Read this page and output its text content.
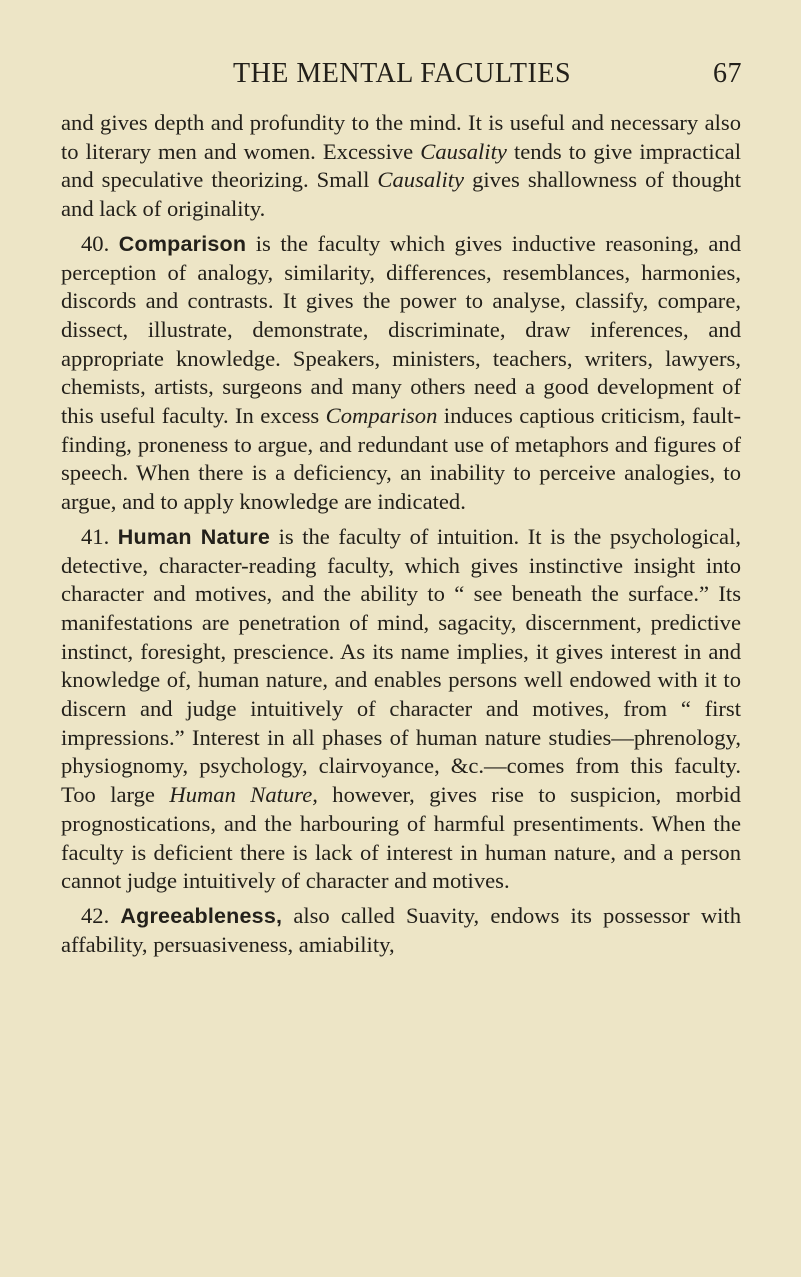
THE MENTAL FACULTIES	67

and gives depth and profundity to the mind. It is useful and necessary also to literary men and women. Excessive Causality tends to give impractical and speculative theorizing. Small Causality gives shallowness of thought and lack of originality.

40. Comparison is the faculty which gives inductive reasoning, and perception of analogy, similarity, differences, resemblances, harmonies, discords and contrasts. It gives the power to analyse, classify, compare, dissect, illustrate, demonstrate, discriminate, draw inferences, and appropriate knowledge. Speakers, ministers, teachers, writers, lawyers, chemists, artists, surgeons and many others need a good development of this useful faculty. In excess Comparison induces captious criticism, fault-finding, proneness to argue, and redundant use of metaphors and figures of speech. When there is a deficiency, an inability to perceive analogies, to argue, and to apply knowledge are indicated.

41. Human Nature is the faculty of intuition. It is the psychological, detective, character-reading faculty, which gives instinctive insight into character and motives, and the ability to “ see beneath the surface.” Its manifestations are penetration of mind, sagacity, discernment, predictive instinct, foresight, prescience. As its name implies, it gives interest in and knowledge of, human nature, and enables persons well endowed with it to discern and judge intuitively of character and motives, from “ first impressions.” Interest in all phases of human nature studies—phrenology, physiognomy, psychology, clairvoyance, &c.—comes from this faculty. Too large Human Nature, however, gives rise to suspicion, morbid prognostications, and the harbouring of harmful presentiments. When the faculty is deficient there is lack of interest in human nature, and a person cannot judge intuitively of character and motives.

42. Agreeableness, also called Suavity, endows its possessor with affability, persuasiveness, amiability,
